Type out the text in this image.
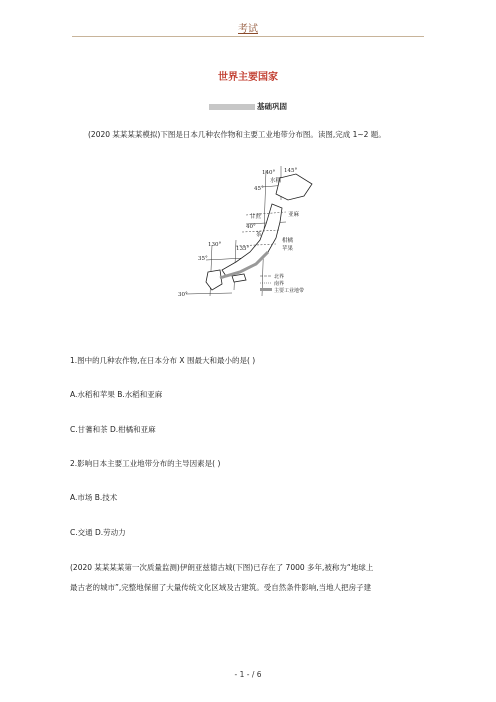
考试
世界主要国家
基础巩固
(2020 某某某某模拟)下图是日本几种农作物和主要工业地带分布图。读图,完成 1~2 题。
140° 145°
45°
水稻
亚麻
甘蔗
40°
茶
135°
柑橘
苹果
130°
35°
30°
北界
南界
主要工业地带
1.图中的几种农作物,在日本分布 X 围最大和最小的是( )
A.水稻和苹果 B.水稻和亚麻
C.甘蓍和茶 D.柑橘和亚麻
2.影响日本主要工业地带分布的主导因素是( )
A.市场 B.技术
C.交通 D.劳动力
(2020 某某某某第一次质量监测)伊朗亚兹德古城(下图)已存在了 7000 多年,被称为“地球上
最古老的城市”,完整地保留了大量传统文化区域及古建筑。受自然条件影响,当地人把房子建
- 1 - / 6
